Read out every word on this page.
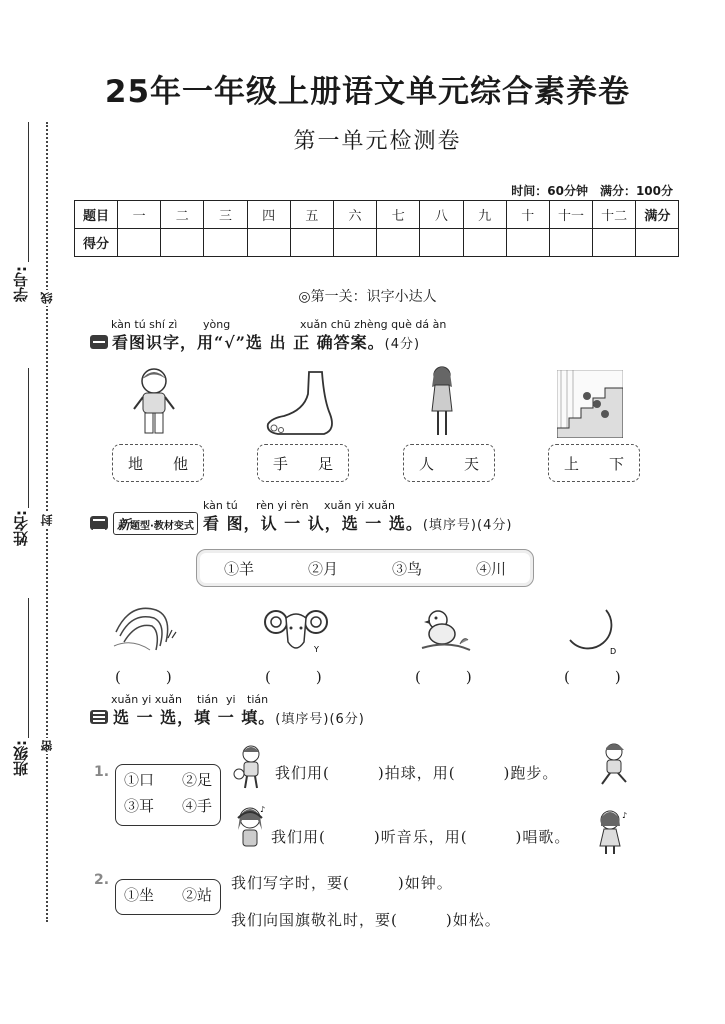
学号: 线
姓名: 封
班级: 密
25年一年级上册语文单元综合素养卷
第一单元检测卷
时间：60分钟　满分：100分
题目	一	二	三	四	五	六	七	八	九	十	十一	十二	满分
得分													
◎第一关：识字小达人
kàn tú shí zì yòng	xuǎn chū zhèng què dá àn
看图识字，用“√”选 出 正 确答案。(4分)
地 他	手 足	人 天	上 下
kàn tú rèn yi rèn xuǎn yi xuǎn
新题型·教材变式 看 图，认 一 认，选 一 选。(填序号)(4分)
①羊	②月	③鸟	④川
Y	D
(　　　)	(　　　)	(　　　)	(　　　)
xuǎn yi xuǎn tián yi tián
选 一 选，填 一 填。(填序号)(6分)
1. ①口 ②足
③耳 ④手
我们用(　　　)拍球，用(　　　)跑步。
♪
我们用(　　　)听音乐，用(　　　)唱歌。
♪
2.
①坐 ②站
我们写字时，要(　　　)如钟。
我们向国旗敬礼时，要(　　　)如松。
